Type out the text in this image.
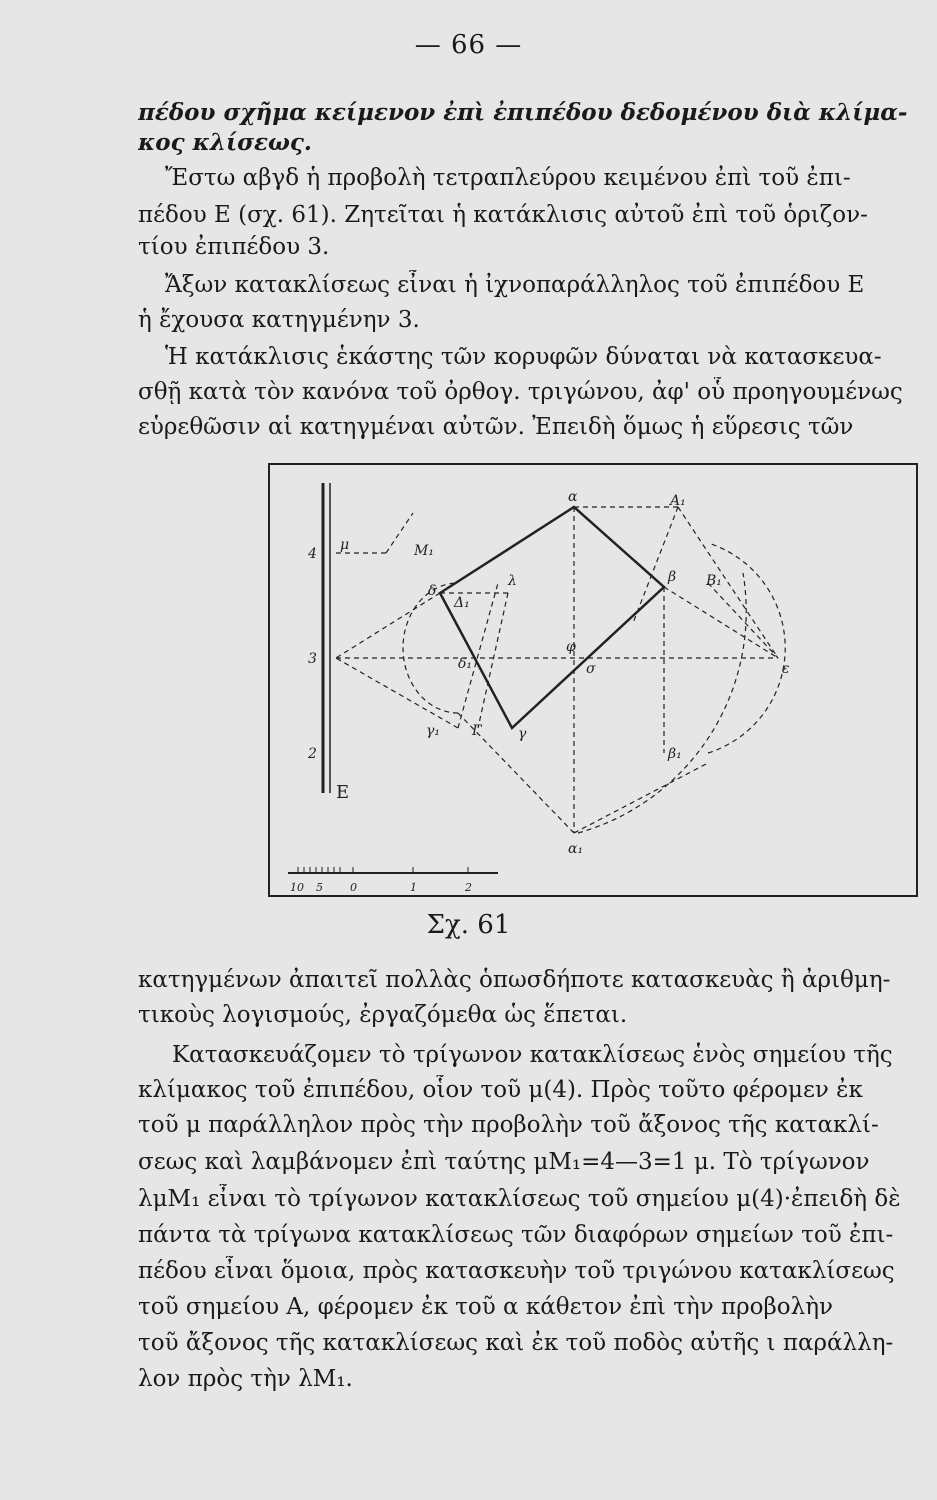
— 66 —
πέδου σχῆμα κείμενον ἐπὶ ἐπιπέδου δεδομένου διὰ κλίμα-
κος κλίσεως.
Ἔστω αβγδ ἡ προβολὴ τετραπλεύρου κειμένου ἐπὶ τοῦ ἐπι-
πέδου Ε (σχ. 61). Ζητεῖται ἡ κατάκλισις αὐτοῦ ἐπὶ τοῦ ὁριζον-
τίου ἐπιπέδου 3.
Ἄξων κατακλίσεως εἶναι ἡ ἰχνοπαράλληλος τοῦ ἐπιπέδου Ε
ἡ ἔχουσα κατηγμένην 3.
Ἡ κατάκλισις ἑκάστης τῶν κορυφῶν δύναται νὰ κατασκευα-
σθῇ κατὰ τὸν κανόνα τοῦ ὀρθογ. τριγώνου, ἀφ' οὗ προηγουμένως
εὑρεθῶσιν αἱ κατηγμέναι αὐτῶν. Ἐπειδὴ ὅμως ἡ εὕρεσις τῶν
4
3
2
E
α
β
γ
δ
α₁
β₁
γ₁
δ₁
A₁
B₁
Γ
Δ₁
μ	M₁
λ
φ
σ	ε
10 5 0	1	2
Σχ. 61
κατηγμένων ἀπαιτεῖ πολλὰς ὁπωσδήποτε κατασκευὰς ἢ ἀριθμη-
τικοὺς λογισμούς, ἐργαζόμεθα ὡς ἕπεται.
Κατασκευάζομεν τὸ τρίγωνον κατακλίσεως ἑνὸς σημείου τῆς
κλίμακος τοῦ ἐπιπέδου, οἷον τοῦ μ(4). Πρὸς τοῦτο φέρομεν ἐκ
τοῦ μ παράλληλον πρὸς τὴν προβολὴν τοῦ ἄξονος τῆς κατακλί-
σεως καὶ λαμβάνομεν ἐπὶ ταύτης μΜ₁=4—3=1 μ. Τὸ τρίγωνον
λμΜ₁ εἶναι τὸ τρίγωνον κατακλίσεως τοῦ σημείου μ(4)·ἐπειδὴ δὲ
πάντα τὰ τρίγωνα κατακλίσεως τῶν διαφόρων σημείων τοῦ ἐπι-
πέδου εἶναι ὅμοια, πρὸς κατασκευὴν τοῦ τριγώνου κατακλίσεως
τοῦ σημείου Α, φέρομεν ἐκ τοῦ α κάθετον ἐπὶ τὴν προβολὴν
τοῦ ἄξονος τῆς κατακλίσεως καὶ ἐκ τοῦ ποδὸς αὐτῆς ι παράλλη-
λον πρὸς τὴν λΜ₁.
